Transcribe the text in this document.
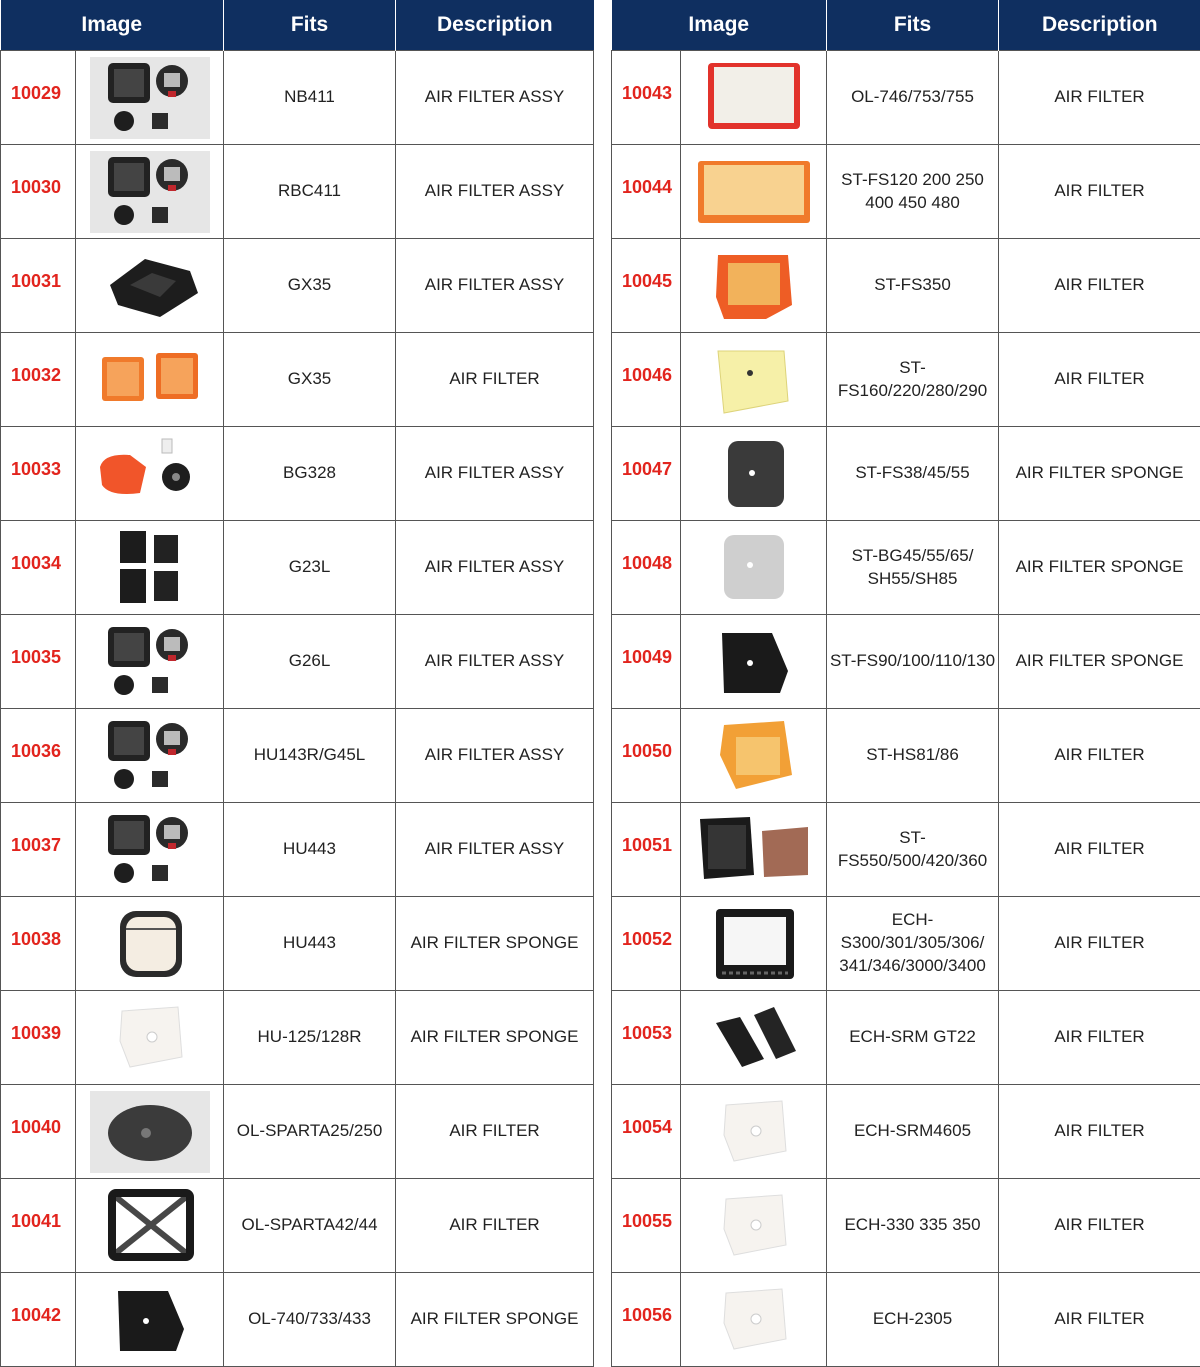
Image		Fits	Description
10029		NB411	AIR FILTER ASSY
10030		RBC411	AIR FILTER ASSY
10031		GX35	AIR FILTER ASSY
10032		GX35	AIR FILTER
10033		BG328	AIR FILTER ASSY
10034		G23L	AIR FILTER ASSY
10035		G26L	AIR FILTER ASSY
10036		HU143R/G45L	AIR FILTER ASSY
10037		HU443	AIR FILTER ASSY
10038		HU443	AIR FILTER SPONGE
10039		HU-125/128R	AIR FILTER SPONGE
10040		OL-SPARTA25/250	AIR FILTER
10041		OL-SPARTA42/44	AIR FILTER
10042		OL-740/733/433	AIR FILTER SPONGE
Image		Fits	Description
10043		OL-746/753/755	AIR FILTER
10044		ST-FS120 200 250 400 450 480	AIR FILTER
10045		ST-FS350	AIR FILTER
10046		ST-FS160/220/280/290	AIR FILTER
10047		ST-FS38/45/55	AIR FILTER SPONGE
10048		ST-BG45/55/65/ SH55/SH85	AIR FILTER SPONGE
10049		ST-FS90/100/110/130	AIR FILTER SPONGE
10050		ST-HS81/86	AIR FILTER
10051		ST-FS550/500/420/360	AIR FILTER
10052		ECH- S300/301/305/306/ 341/346/3000/3400	AIR FILTER
10053		ECH-SRM GT22	AIR FILTER
10054		ECH-SRM4605	AIR FILTER
10055		ECH-330 335 350	AIR FILTER
10056		ECH-2305	AIR FILTER
